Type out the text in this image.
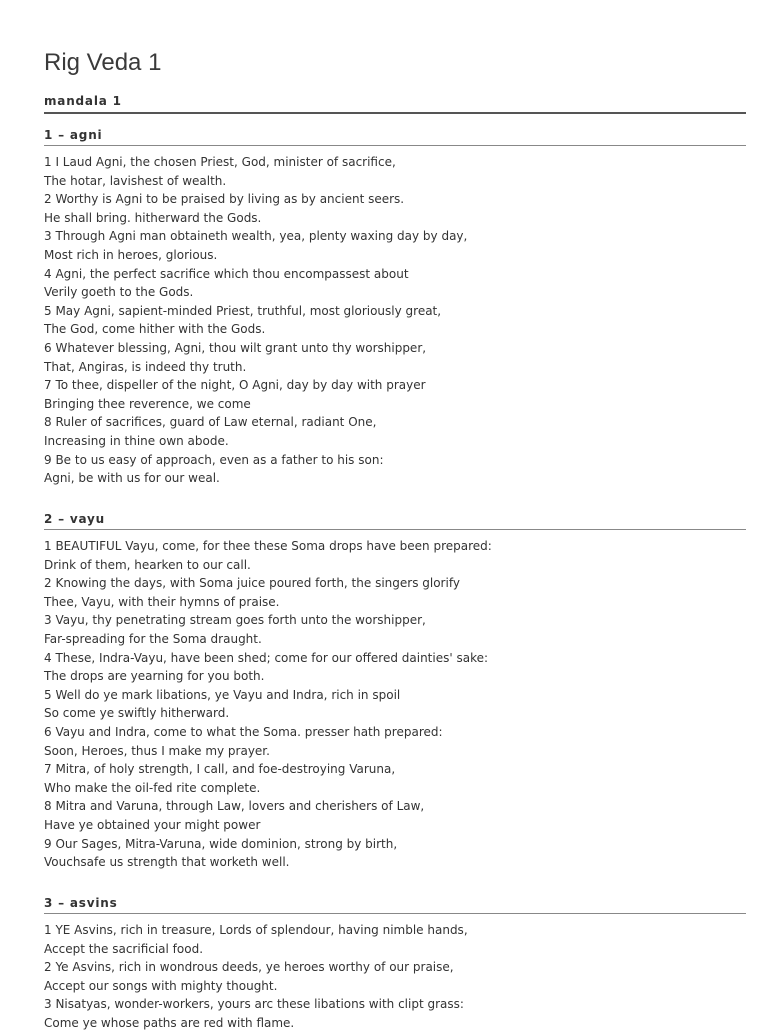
Rig Veda 1
mandala 1
1 – agni
1 I Laud Agni, the chosen Priest, God, minister of sacrifice,
The hotar, lavishest of wealth.
2 Worthy is Agni to be praised by living as by ancient seers.
He shall bring. hitherward the Gods.
3 Through Agni man obtaineth wealth, yea, plenty waxing day by day,
Most rich in heroes, glorious.
4 Agni, the perfect sacrifice which thou encompassest about
Verily goeth to the Gods.
5 May Agni, sapient-minded Priest, truthful, most gloriously great,
The God, come hither with the Gods.
6 Whatever blessing, Agni, thou wilt grant unto thy worshipper,
That, Angiras, is indeed thy truth.
7 To thee, dispeller of the night, O Agni, day by day with prayer
Bringing thee reverence, we come
8 Ruler of sacrifices, guard of Law eternal, radiant One,
Increasing in thine own abode.
9 Be to us easy of approach, even as a father to his son:
Agni, be with us for our weal.
2 – vayu
1 BEAUTIFUL Vayu, come, for thee these Soma drops have been prepared:
Drink of them, hearken to our call.
2 Knowing the days, with Soma juice poured forth, the singers glorify
Thee, Vayu, with their hymns of praise.
3 Vayu, thy penetrating stream goes forth unto the worshipper,
Far-spreading for the Soma draught.
4 These, Indra-Vayu, have been shed; come for our offered dainties' sake:
The drops are yearning for you both.
5 Well do ye mark libations, ye Vayu and Indra, rich in spoil
So come ye swiftly hitherward.
6 Vayu and Indra, come to what the Soma. presser hath prepared:
Soon, Heroes, thus I make my prayer.
7 Mitra, of holy strength, I call, and foe-destroying Varuna,
Who make the oil-fed rite complete.
8 Mitra and Varuna, through Law, lovers and cherishers of Law,
Have ye obtained your might power
9 Our Sages, Mitra-Varuna, wide dominion, strong by birth,
Vouchsafe us strength that worketh well.
3 – asvins
1 YE Asvins, rich in treasure, Lords of splendour, having nimble hands,
Accept the sacrificial food.
2 Ye Asvins, rich in wondrous deeds, ye heroes worthy of our praise,
Accept our songs with mighty thought.
3 Nisatyas, wonder-workers, yours arc these libations with clipt grass:
Come ye whose paths are red with flame.
